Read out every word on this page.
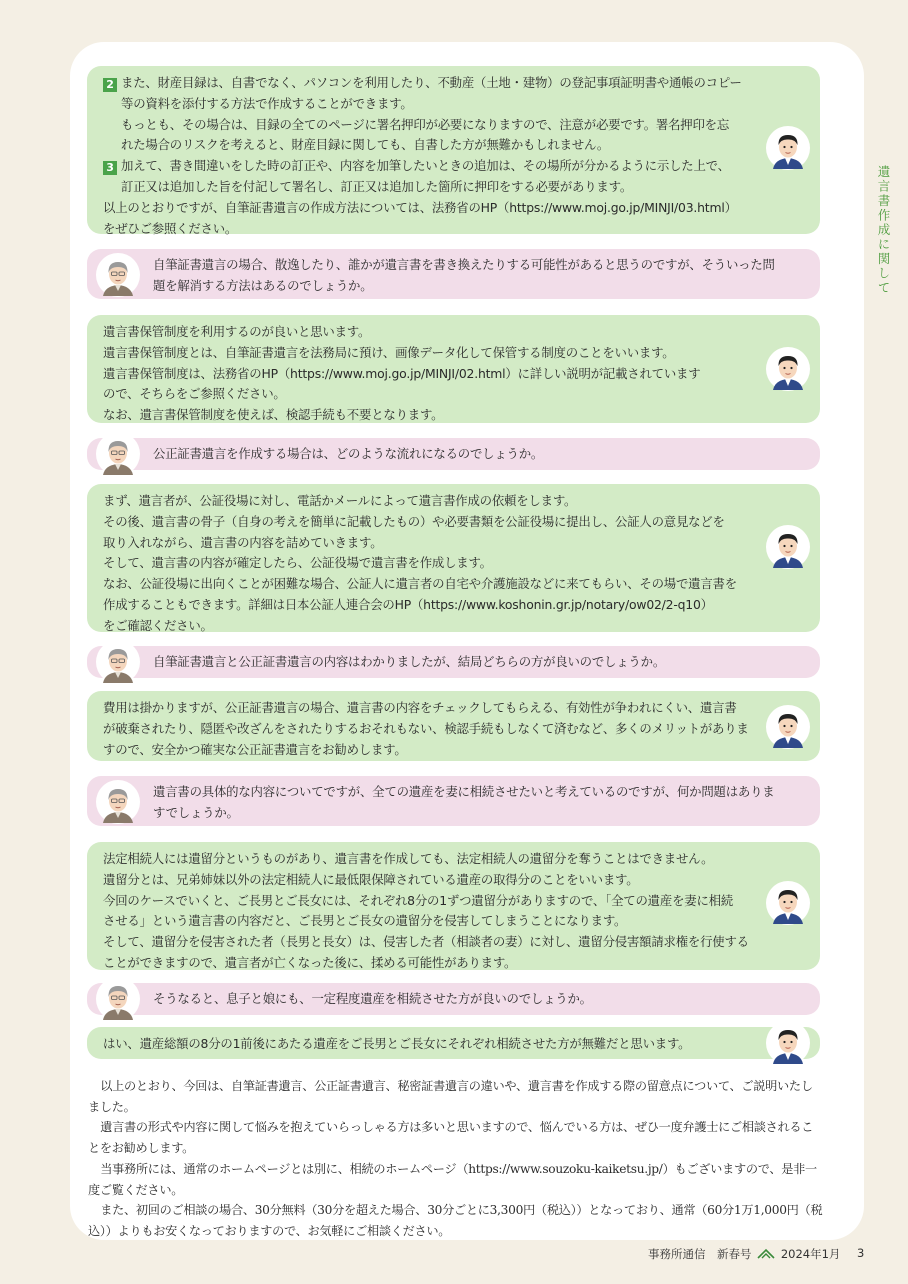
遺言書作成に関して

2 また、財産目録は、自書でなく、パソコンを利用したり、不動産（土地・建物）の登記事項証明書や通帳のコピー

等の資料を添付する方法で作成することができます。

もっとも、その場合は、目録の全てのページに署名押印が必要になりますので、注意が必要です。署名押印を忘

れた場合のリスクを考えると、財産目録に関しても、自書した方が無難かもしれません。

3 加えて、書き間違いをした時の訂正や、内容を加筆したいときの追加は、その場所が分かるように示した上で、

訂正又は追加した旨を付記して署名し、訂正又は追加した箇所に押印をする必要があります。

以上のとおりですが、自筆証書遺言の作成方法については、法務省のHP（https://www.moj.go.jp/MINJI/03.html）

をぜひご参照ください。

自筆証書遺言の場合、散逸したり、誰かが遺言書を書き換えたりする可能性があると思うのですが、そういった問

題を解消する方法はあるのでしょうか。

遺言書保管制度を利用するのが良いと思います。

遺言書保管制度とは、自筆証書遺言を法務局に預け、画像データ化して保管する制度のことをいいます。

遺言書保管制度は、法務省のHP（https://www.moj.go.jp/MINJI/02.html）に詳しい説明が記載されています

ので、そちらをご参照ください。

なお、遺言書保管制度を使えば、検認手続も不要となります。

公正証書遺言を作成する場合は、どのような流れになるのでしょうか。

まず、遺言者が、公証役場に対し、電話かメールによって遺言書作成の依頼をします。

その後、遺言書の骨子（自身の考えを簡単に記載したもの）や必要書類を公証役場に提出し、公証人の意見などを

取り入れながら、遺言書の内容を詰めていきます。

そして、遺言書の内容が確定したら、公証役場で遺言書を作成します。

なお、公証役場に出向くことが困難な場合、公証人に遺言者の自宅や介護施設などに来てもらい、その場で遺言書を

作成することもできます。詳細は日本公証人連合会のHP（https://www.koshonin.gr.jp/notary/ow02/2-q10）

をご確認ください。

自筆証書遺言と公正証書遺言の内容はわかりましたが、結局どちらの方が良いのでしょうか。

費用は掛かりますが、公正証書遺言の場合、遺言書の内容をチェックしてもらえる、有効性が争われにくい、遺言書

が破棄されたり、隠匿や改ざんをされたりするおそれもない、検認手続もしなくて済むなど、多くのメリットがありま

すので、安全かつ確実な公正証書遺言をお勧めします。

遺言書の具体的な内容についてですが、全ての遺産を妻に相続させたいと考えているのですが、何か問題はありま

すでしょうか。

法定相続人には遺留分というものがあり、遺言書を作成しても、法定相続人の遺留分を奪うことはできません。

遺留分とは、兄弟姉妹以外の法定相続人に最低限保障されている遺産の取得分のことをいいます。

今回のケースでいくと、ご長男とご長女には、それぞれ8分の1ずつ遺留分がありますので、「全ての遺産を妻に相続

させる」という遺言書の内容だと、ご長男とご長女の遺留分を侵害してしまうことになります。

そして、遺留分を侵害された者（長男と長女）は、侵害した者（相談者の妻）に対し、遺留分侵害額請求権を行使する

ことができますので、遺言者が亡くなった後に、揉める可能性があります。

そうなると、息子と娘にも、一定程度遺産を相続させた方が良いのでしょうか。

はい、遺産総額の8分の1前後にあたる遺産をご長男とご長女にそれぞれ相続させた方が無難だと思います。

以上のとおり、今回は、自筆証書遺言、公正証書遺言、秘密証書遺言の違いや、遺言書を作成する際の留意点について、ご説明いたしました。

遺言書の形式や内容に関して悩みを抱えていらっしゃる方は多いと思いますので、悩んでいる方は、ぜひ一度弁護士にご相談されることをお勧めします。

当事務所には、通常のホームページとは別に、相続のホームページ（https://www.souzoku-kaiketsu.jp/）もございますので、是非一度ご覧ください。

また、初回のご相談の場合、30分無料（30分を超えた場合、30分ごとに3,300円（税込））となっており、通常（60分1万1,000円（税込））よりもお安くなっておりますので、お気軽にご相談ください。

事務所通信　新春号	2024年1月 3
